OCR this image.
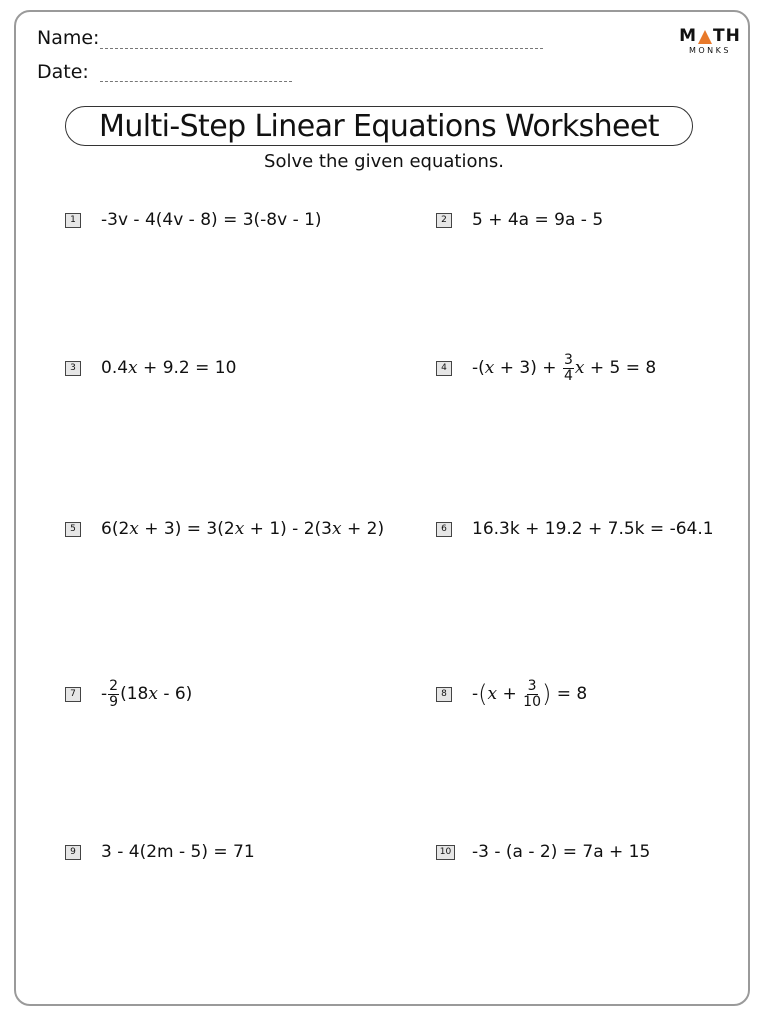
Name:
Date:
M TH
MONKS
Multi-Step Linear Equations Worksheet
Solve the given equations.
1	-3v - 4(4v - 8) = 3(-8v - 1)	2	5 + 4a = 9a - 5
3	0.4 x + 9.2 = 10	4	-( $x + 3) + \frac{3}{4}$ x + 5 = 8
5	6(2 x + 3) = 3(2 x + 1) - 2(3 x + 2)	6	16.3k + 19.2 + 7.5k = -64.1
7	- $\frac{2}{9} (18$ x - 6)	8	- ( $x + \frac{3}{10}$ ) = 8
9	3 - 4(2m - 5) = 71	10 -3 - (a - 2) = 7a + 15
